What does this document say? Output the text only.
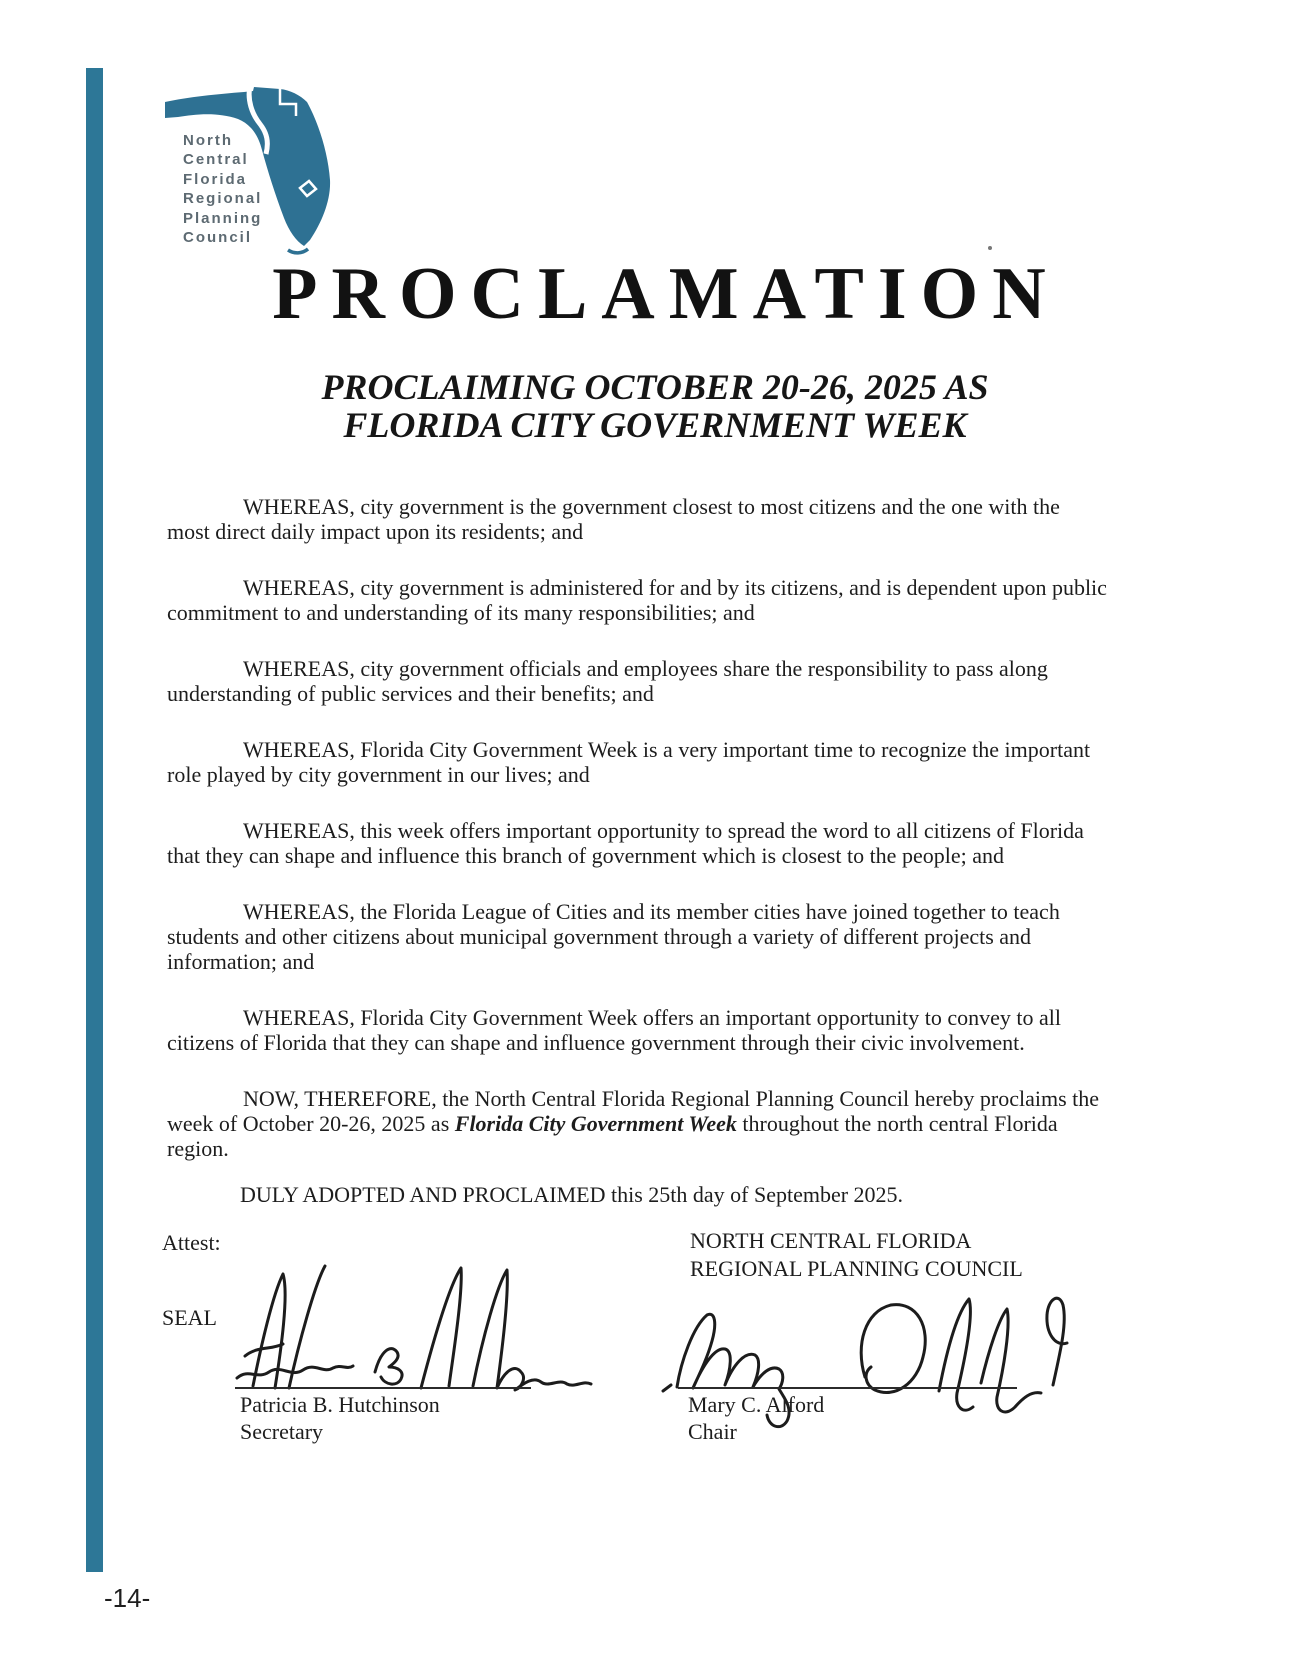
North
Central
Florida
Regional
Planning
Council
PROCLAMATION
PROCLAIMING OCTOBER 20-26, 2025 AS
FLORIDA CITY GOVERNMENT WEEK
WHEREAS, city government is the government closest to most citizens and the one with the
most direct daily impact upon its residents; and
WHEREAS, city government is administered for and by its citizens, and is dependent upon public
commitment to and understanding of its many responsibilities; and
WHEREAS, city government officials and employees share the responsibility to pass along
understanding of public services and their benefits; and
WHEREAS, Florida City Government Week is a very important time to recognize the important
role played by city government in our lives; and
WHEREAS, this week offers important opportunity to spread the word to all citizens of Florida
that they can shape and influence this branch of government which is closest to the people; and
WHEREAS, the Florida League of Cities and its member cities have joined together to teach
students and other citizens about municipal government through a variety of different projects and
information; and
WHEREAS, Florida City Government Week offers an important opportunity to convey to all
citizens of Florida that they can shape and influence government through their civic involvement.
NOW, THEREFORE, the North Central Florida Regional Planning Council hereby proclaims the
week of October 20-26, 2025 as Florida City Government Week throughout the north central Florida
region.
DULY ADOPTED AND PROCLAIMED this 25th day of September 2025.
Attest:	NORTH CENTRAL FLORIDA
REGIONAL PLANNING COUNCIL
SEAL
Patricia B. Hutchinson
Secretary
Mary C. Alford
Chair
-14-
